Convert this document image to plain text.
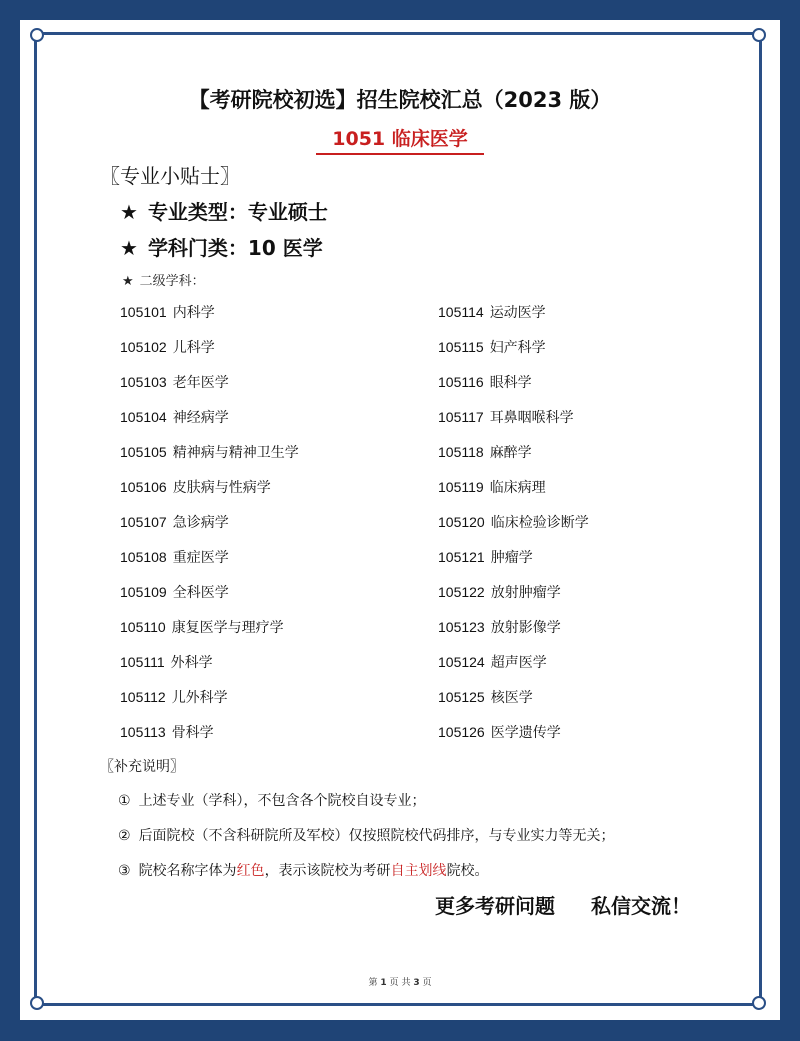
【考研院校初选】招生院校汇总（2023 版）
1051 临床医学
〖专业小贴士〗
★ 专业类型：专业硕士
★ 学科门类：10 医学
★ 二级学科：
105101 内科学
105102 儿科学
105103 老年医学
105104 神经病学
105105 精神病与精神卫生学
105106 皮肤病与性病学
105107 急诊病学
105108 重症医学
105109 全科医学
105110 康复医学与理疗学
105111 外科学
105112 儿外科学
105113 骨科学
105114 运动医学
105115 妇产科学
105116 眼科学
105117 耳鼻咽喉科学
105118 麻醉学
105119 临床病理
105120 临床检验诊断学
105121 肿瘤学
105122 放射肿瘤学
105123 放射影像学
105124 超声医学
105125 核医学
105126 医学遗传学
〖补充说明〗
① 上述专业（学科），不包含各个院校自设专业；
② 后面院校（不含科研院所及军校）仅按照院校代码排序，与专业实力等无关；
③ 院校名称字体为红色，表示该院校为考研自主划线院校。
更多考研问题 私信交流！
第 1 页 共 3 页
